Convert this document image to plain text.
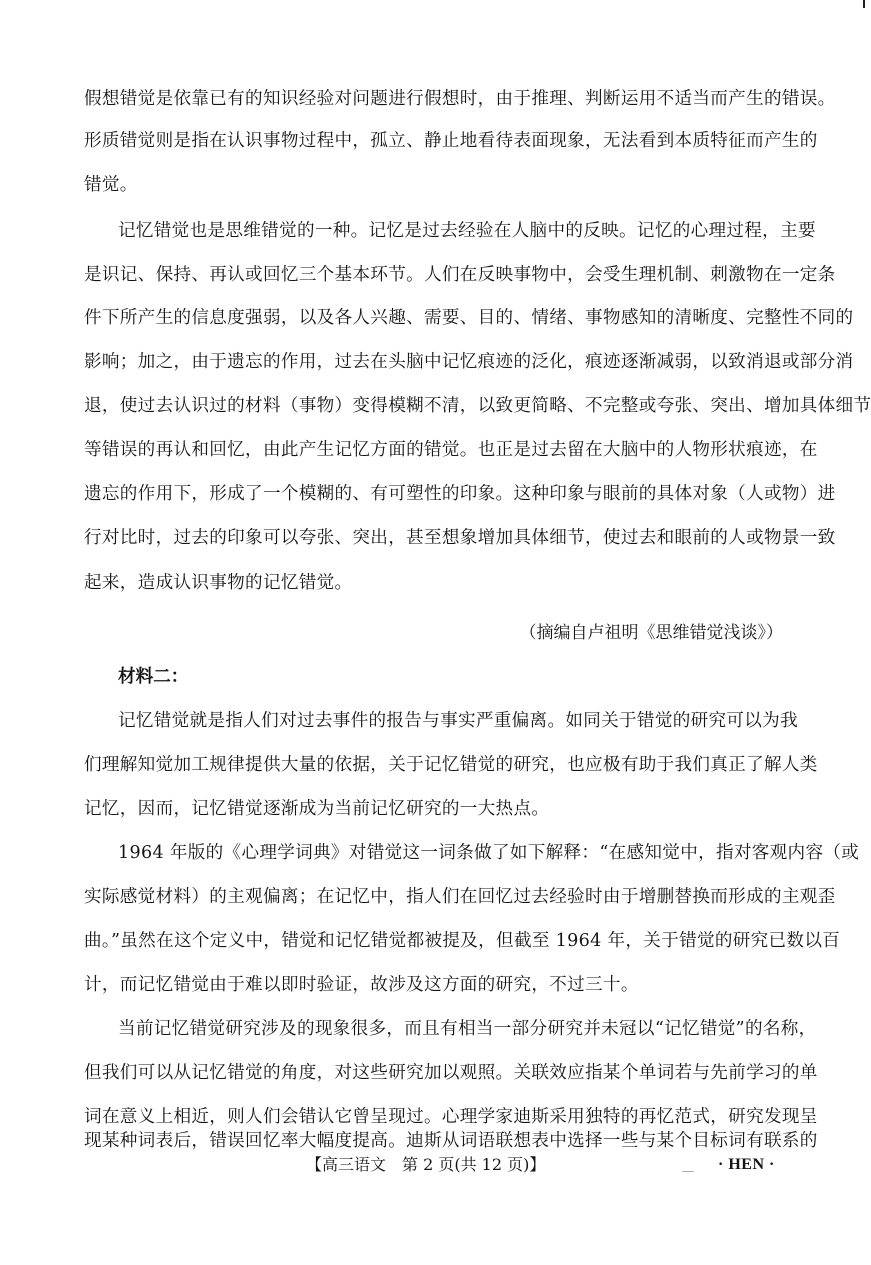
假想错觉是依靠已有的知识经验对问题进行假想时，由于推理、判断运用不适当而产生的错误。
形质错觉则是指在认识事物过程中，孤立、静止地看待表面现象，无法看到本质特征而产生的
错觉。
记忆错觉也是思维错觉的一种。记忆是过去经验在人脑中的反映。记忆的心理过程，主要
是识记、保持、再认或回忆三个基本环节。人们在反映事物中，会受生理机制、刺激物在一定条
件下所产生的信息度强弱，以及各人兴趣、需要、目的、情绪、事物感知的清晰度、完整性不同的
影响；加之，由于遗忘的作用，过去在头脑中记忆痕迹的泛化，痕迹逐渐减弱，以致消退或部分消
退，使过去认识过的材料（事物）变得模糊不清，以致更简略、不完整或夸张、突出、增加具体细节
等错误的再认和回忆，由此产生记忆方面的错觉。也正是过去留在大脑中的人物形状痕迹，在
遗忘的作用下，形成了一个模糊的、有可塑性的印象。这种印象与眼前的具体对象（人或物）进
行对比时，过去的印象可以夸张、突出，甚至想象增加具体细节，使过去和眼前的人或物景一致
起来，造成认识事物的记忆错觉。
（摘编自卢祖明《思维错觉浅谈》）
材料二：
记忆错觉就是指人们对过去事件的报告与事实严重偏离。如同关于错觉的研究可以为我
们理解知觉加工规律提供大量的依据，关于记忆错觉的研究，也应极有助于我们真正了解人类
记忆，因而，记忆错觉逐渐成为当前记忆研究的一大热点。
1964 年版的《心理学词典》对错觉这一词条做了如下解释：“在感知觉中，指对客观内容（或
实际感觉材料）的主观偏离；在记忆中，指人们在回忆过去经验时由于增删替换而形成的主观歪
曲。”虽然在这个定义中，错觉和记忆错觉都被提及，但截至 1964 年，关于错觉的研究已数以百
计，而记忆错觉由于难以即时验证，故涉及这方面的研究，不过三十。
当前记忆错觉研究涉及的现象很多，而且有相当一部分研究并未冠以“记忆错觉”的名称，
但我们可以从记忆错觉的角度，对这些研究加以观照。关联效应指某个单词若与先前学习的单
词在意义上相近，则人们会错认它曾呈现过。心理学家迪斯采用独特的再忆范式，研究发现呈
【高三语文　第 2 页(共 12 页)】	__ · HEN ·
现某种词表后，错误回忆率大幅度提高。迪斯从词语联想表中选择一些与某个目标词有联系的
